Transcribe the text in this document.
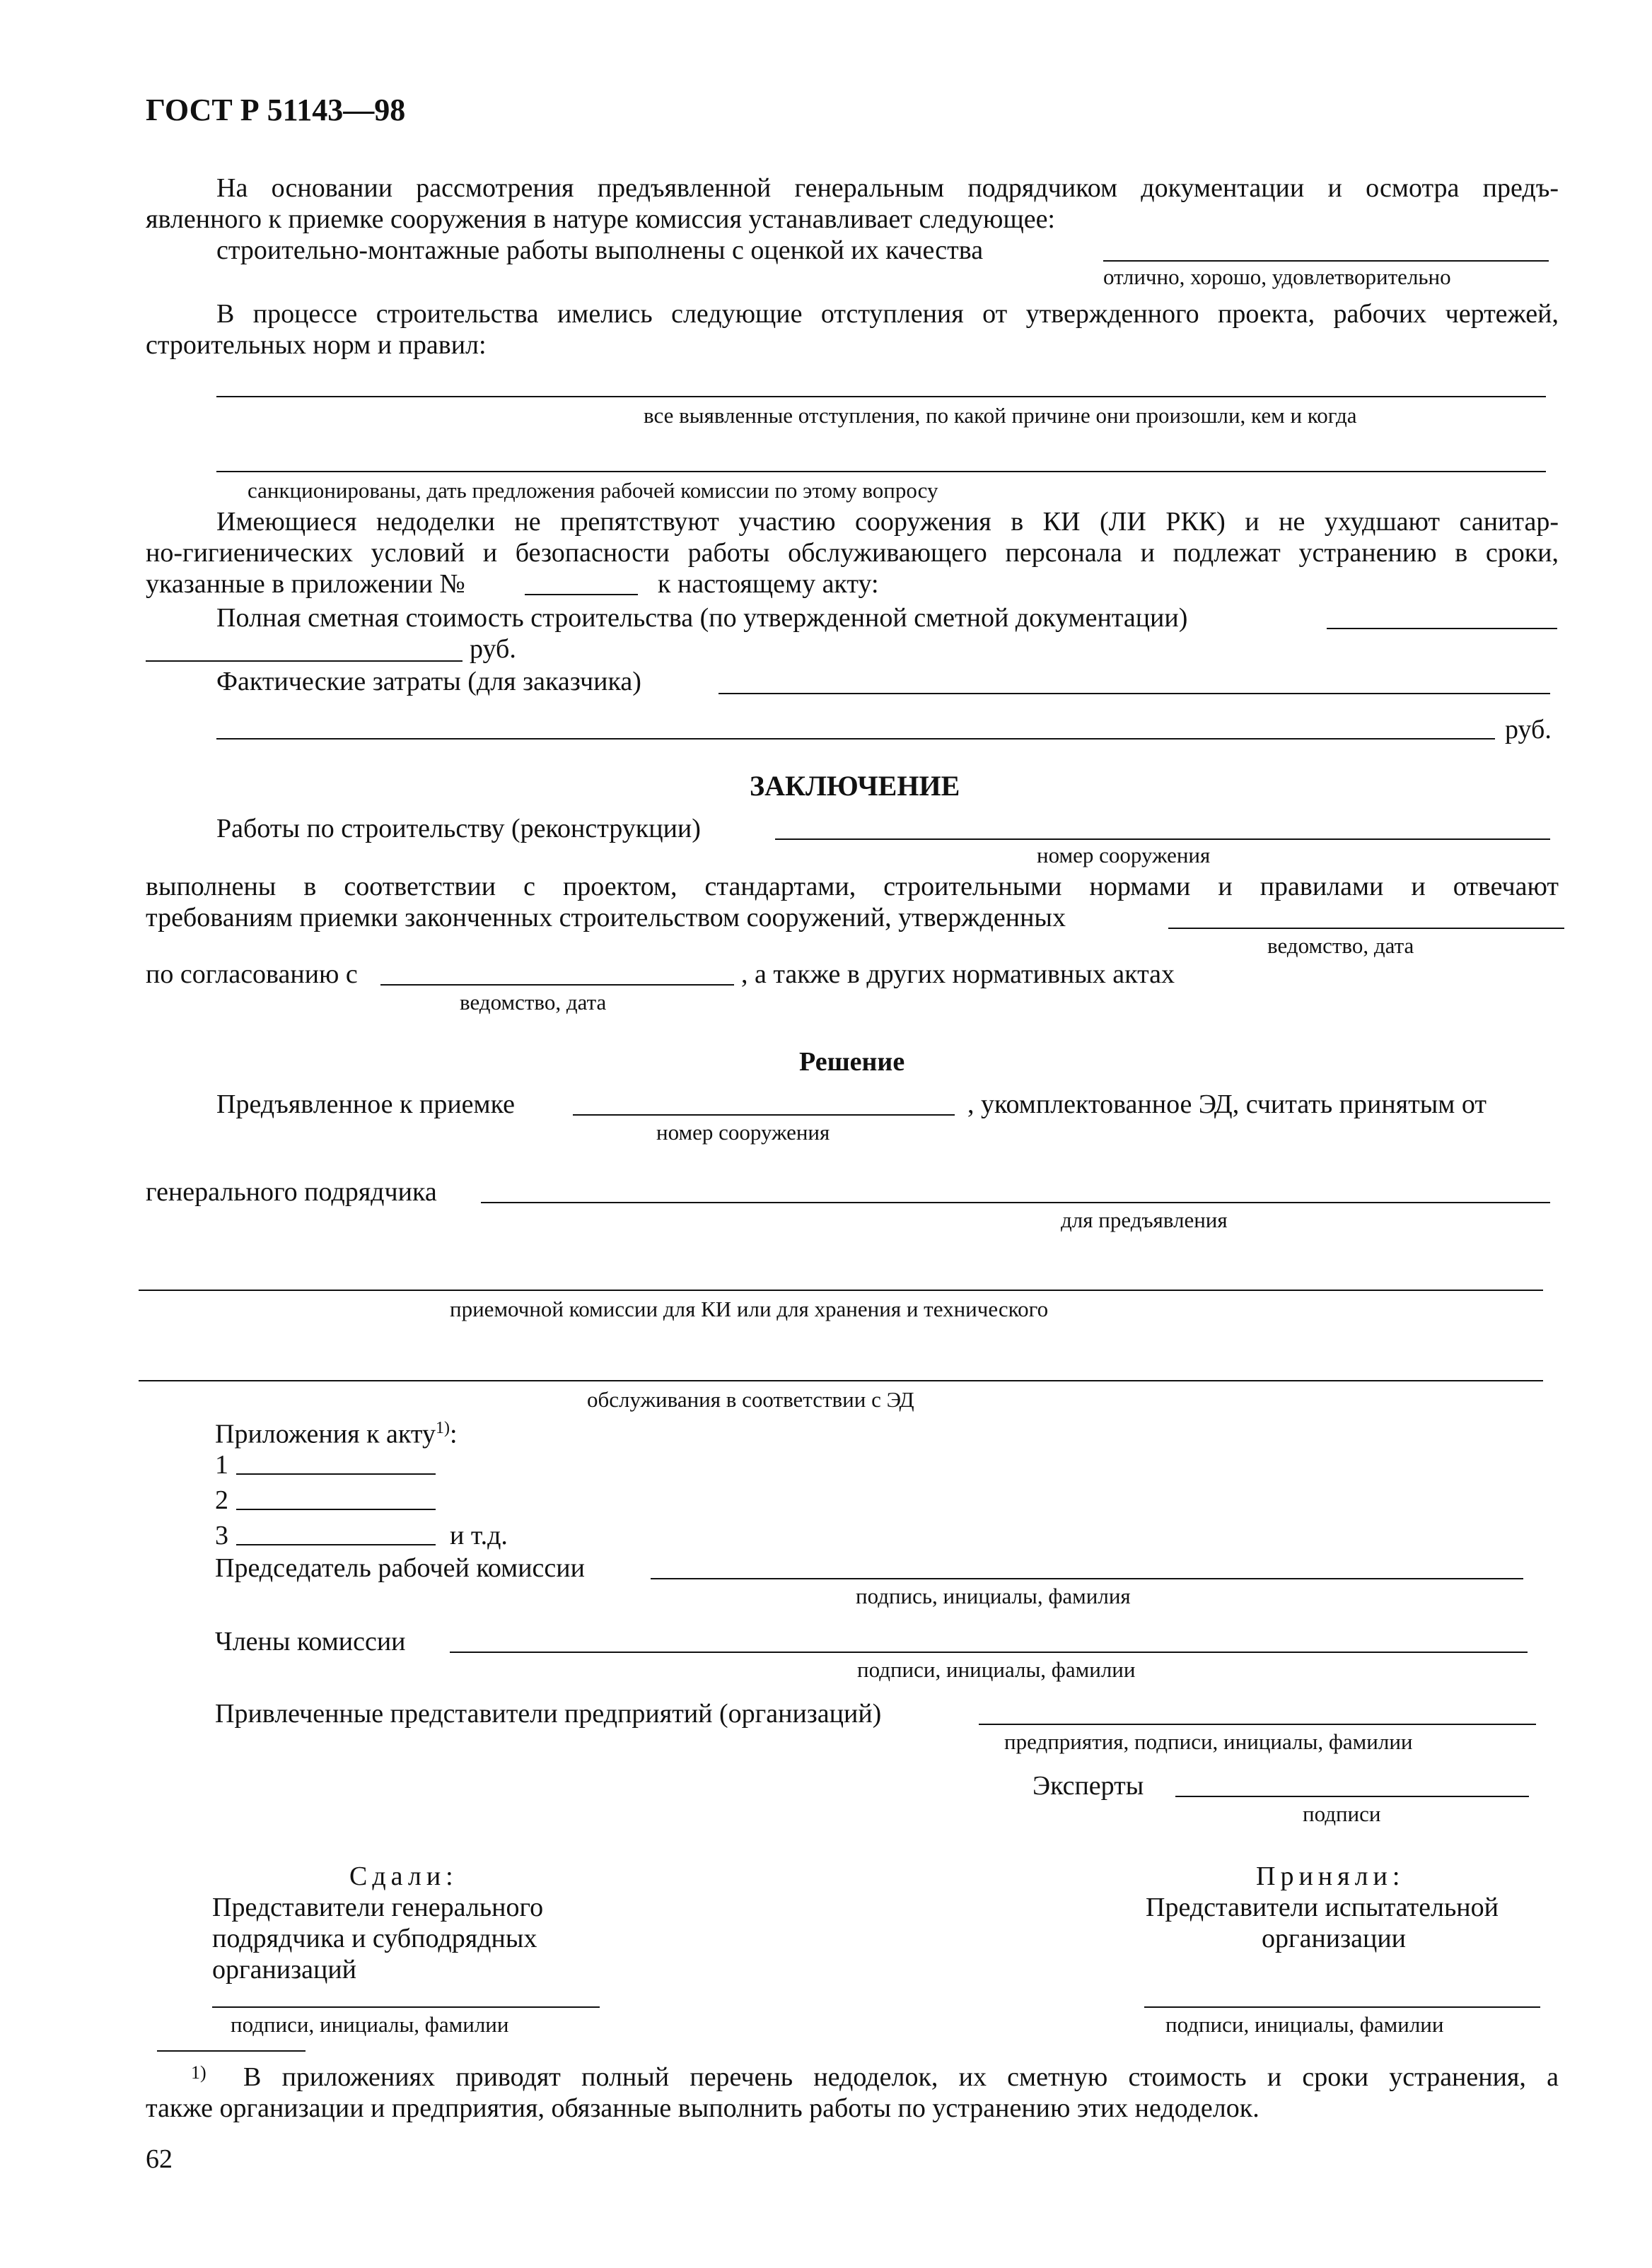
ГОСТ Р 51143—98
На основании рассмотрения предъявленной генеральным подрядчиком документации и осмотра предъ-
явленного к приемке сооружения в натуре комиссия устанавливает следующее:
строительно-монтажные работы выполнены с оценкой их качества
отлично, хорошо, удовлетворительно
В процессе строительства имелись следующие отступления от утвержденного проекта, рабочих чертежей,
строительных норм и правил:
все выявленные отступления, по какой причине они произошли, кем и когда
санкционированы, дать предложения рабочей комиссии по этому вопросу
Имеющиеся недоделки не препятствуют участию сооружения в КИ (ЛИ РКК) и не ухудшают санитар-
но-гигиенических условий и безопасности работы обслуживающего персонала и подлежат устранению в сроки,
указанные в приложении №	к настоящему акту:
Полная сметная стоимость строительства (по утвержденной сметной документации)
руб.
Фактические затраты (для заказчика)
руб.
ЗАКЛЮЧЕНИЕ
Работы по строительству (реконструкции)
номер сооружения
выполнены в соответствии с проектом, стандартами, строительными нормами и правилами и отвечают
требованиям приемки законченных строительством сооружений, утвержденных
ведомство, дата
по согласованию с	, а также в других нормативных актах
ведомство, дата
Решение
Предъявленное к приемке	, укомплектованное ЭД, считать принятым от
номер сооружения
генерального подрядчика
для предъявления
приемочной комиссии для КИ или для хранения и технического
обслуживания в соответствии с ЭД
Приложения к акту$^{1)}$:
1
2
3	и т.д.
Председатель рабочей комиссии
подпись, инициалы, фамилия
Члены комиссии
подписи, инициалы, фамилии
Привлеченные представители предприятий (организаций)
предприятия, подписи, инициалы, фамилии
Эксперты
подписи
Сдали:
Представители генерального
подрядчика и субподрядных
организаций
подписи, инициалы, фамилии
Приняли:
Представители испытательной
организации
подписи, инициалы, фамилии
$^{1)}$ В приложениях приводят полный перечень недоделок, их сметную стоимость и сроки устранения, а
также организации и предприятия, обязанные выполнить работы по устранению этих недоделок.
62
